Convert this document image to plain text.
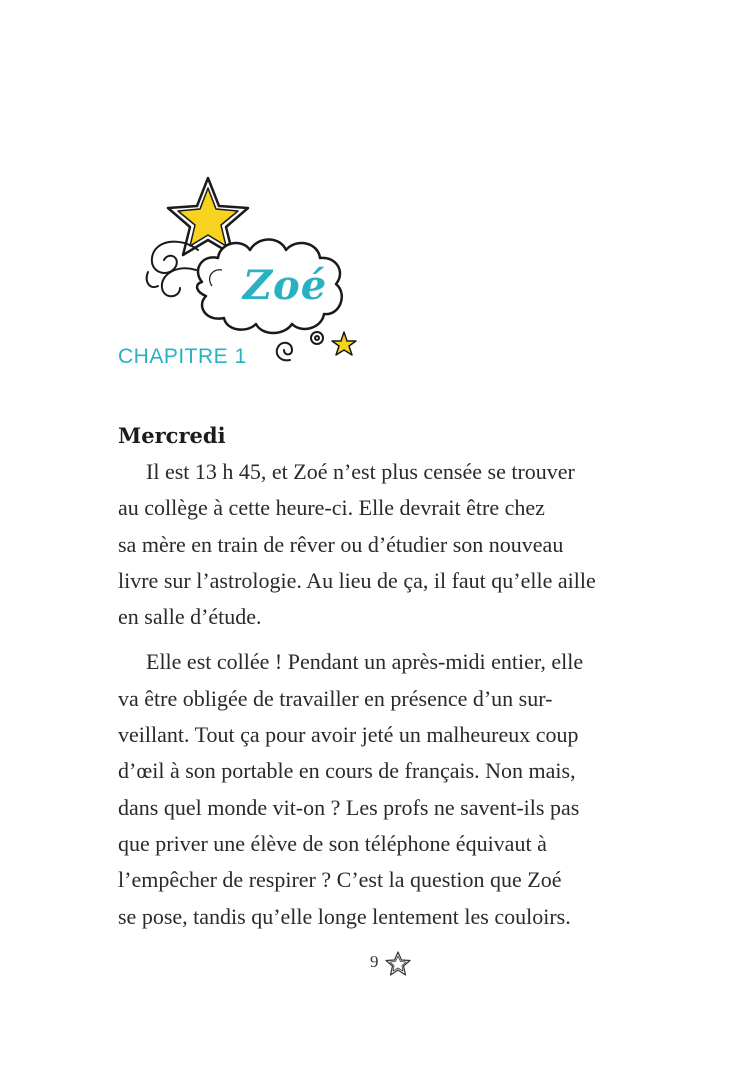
Zoé
CHAPITRE 1
Mercredi

Il est 13 h 45, et Zoé n’est plus censée se trouver
au collège à cette heure-ci. Elle devrait être chez
sa mère en train de rêver ou d’étudier son nouveau
livre sur l’astrologie. Au lieu de ça, il faut qu’elle aille
en salle d’étude.

Elle est collée ! Pendant un après-midi entier, elle
va être obligée de travailler en présence d’un sur-
veillant. Tout ça pour avoir jeté un malheureux coup
d’œil à son portable en cours de français. Non mais,
dans quel monde vit-on ? Les profs ne savent-ils pas
que priver une élève de son téléphone équivaut à
l’empêcher de respirer ? C’est la question que Zoé
se pose, tandis qu’elle longe lentement les couloirs.

9
